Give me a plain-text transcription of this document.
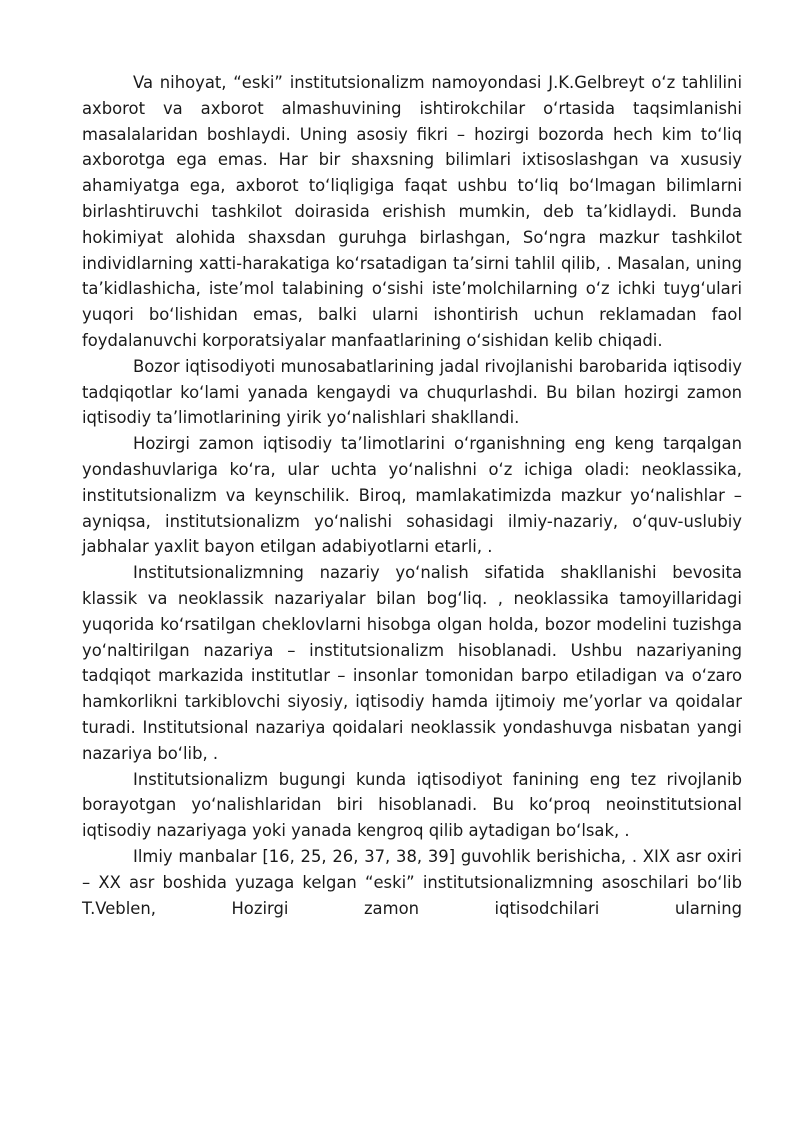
Va nihoyat, “eski” institutsionalizm namoyondasi J.K.Gelbreyt o‘z tahlilini axborot va axborot almashuvining ishtirokchilar o‘rtasida taqsimlanishi masalalaridan boshlaydi. Uning asosiy fikri – hozirgi bozorda hech kim to‘liq axborotga ega emas. Har bir shaxsning bilimlari ixtisoslashgan va xususiy ahamiyatga ega, axborot to‘liqligiga faqat ushbu to‘liq bo‘lmagan bilimlarni birlashtiruvchi tashkilot doirasida erishish mumkin, deb ta’kidlaydi. Bunda hokimiyat alohida shaxsdan guruhga birlashgan, So‘ngra mazkur tashkilot individlarning xatti-harakatiga ko‘rsatadigan ta’sirni tahlil qilib, . Masalan, uning ta’kidlashicha, iste’mol talabining o‘sishi iste’molchilarning o‘z ichki tuyg‘ulari yuqori bo‘lishidan emas, balki ularni ishontirish uchun reklamadan faol foydalanuvchi korporatsiyalar manfaatlarining o‘sishidan kelib chiqadi.

Bozor iqtisodiyoti munosabatlarining jadal rivojlanishi barobarida iqtisodiy tadqiqotlar ko‘lami yanada kengaydi va chuqurlashdi. Bu bilan hozirgi zamon iqtisodiy ta’limotlarining yirik yo‘nalishlari shakllandi.

Hozirgi zamon iqtisodiy ta’limotlarini o‘rganishning eng keng tarqalgan yondashuvlariga ko‘ra, ular uchta yo‘nalishni o‘z ichiga oladi: neoklassika, institutsionalizm va keynschilik. Biroq, mamlakatimizda mazkur yo‘nalishlar – ayniqsa, institutsionalizm yo‘nalishi sohasidagi ilmiy-nazariy, o‘quv-uslubiy jabhalar yaxlit bayon etilgan adabiyotlarni etarli, .

Institutsionalizmning nazariy yo‘nalish sifatida shakllanishi bevosita klassik va neoklassik nazariyalar bilan bog‘liq. , neoklassika tamoyillaridagi yuqorida ko‘rsatilgan cheklovlarni hisobga olgan holda, bozor modelini tuzishga yo‘naltirilgan nazariya – institutsionalizm hisoblanadi. Ushbu nazariyaning tadqiqot markazida institutlar – insonlar tomonidan barpo etiladigan va o‘zaro hamkorlikni tarkiblovchi siyosiy, iqtisodiy hamda ijtimoiy me’yorlar va qoidalar turadi. Institutsional nazariya qoidalari neoklassik yondashuvga nisbatan yangi nazariya bo‘lib, .

Institutsionalizm bugungi kunda iqtisodiyot fanining eng tez rivojlanib borayotgan yo‘nalishlaridan biri hisoblanadi. Bu ko‘proq neoinstitutsional iqtisodiy nazariyaga yoki yanada kengroq qilib aytadigan bo‘lsak, .

Ilmiy manbalar [16, 25, 26, 37, 38, 39] guvohlik berishicha, . XIX asr oxiri – XX asr boshida yuzaga kelgan “eski” institutsionalizmning asoschilari bo‘lib T.Veblen, Hozirgi zamon iqtisodchilari ularning
